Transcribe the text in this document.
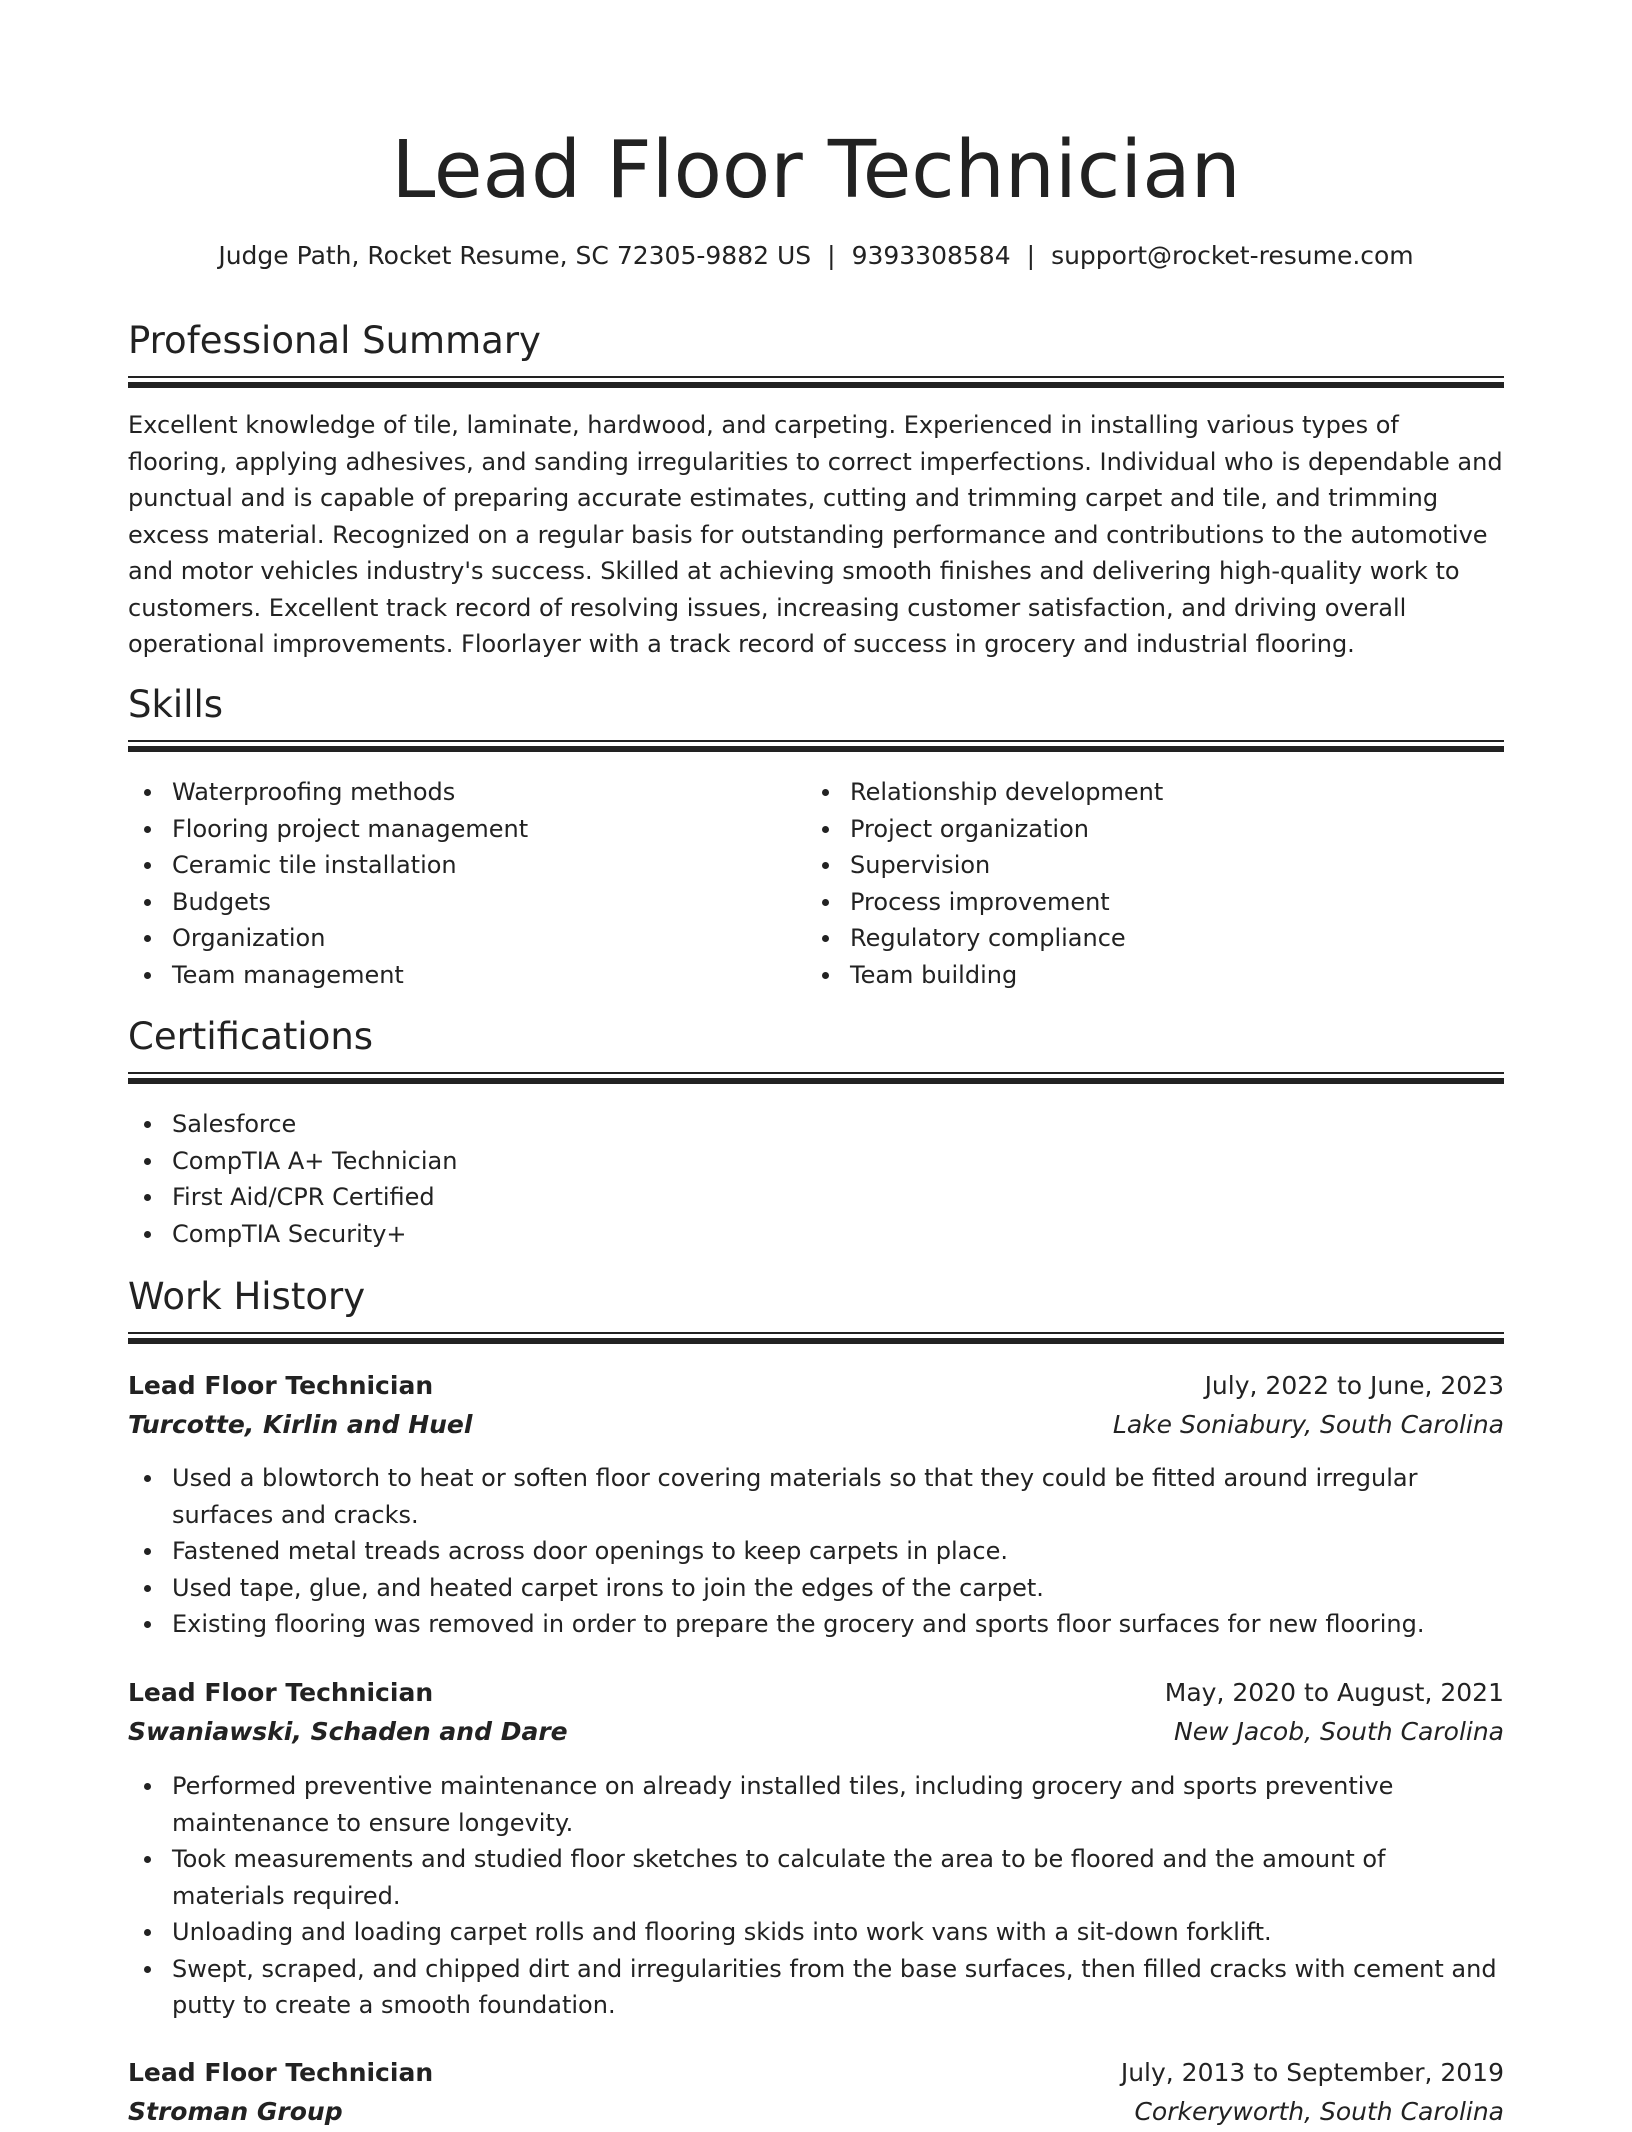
Lead Floor Technician
Judge Path, Rocket Resume, SC 72305-9882 US | 9393308584 | support@rocket-resume.com
Professional Summary

Excellent knowledge of tile, laminate, hardwood, and carpeting. Experienced in installing various types of flooring, applying adhesives, and sanding irregularities to correct imperfections. Individual who is dependable and punctual and is capable of preparing accurate estimates, cutting and trimming carpet and tile, and trimming excess material. Recognized on a regular basis for outstanding performance and contributions to the automotive and motor vehicles industry's success. Skilled at achieving smooth finishes and delivering high-quality work to customers. Excellent track record of resolving issues, increasing customer satisfaction, and driving overall operational improvements. Floorlayer with a track record of success in grocery and industrial flooring.

Skills
Waterproofing methods
Flooring project management
Ceramic tile installation
Budgets
Organization
Team management
Relationship development
Project organization
Supervision
Process improvement
Regulatory compliance
Team building
Certifications
Salesforce
CompTIA A+ Technician
First Aid/CPR Certified
CompTIA Security+
Work History
Lead Floor Technician	July, 2022 to June, 2023
Turcotte, Kirlin and Huel	Lake Soniabury, South Carolina
Used a blowtorch to heat or soften floor covering materials so that they could be fitted around irregular surfaces and cracks.
Fastened metal treads across door openings to keep carpets in place.
Used tape, glue, and heated carpet irons to join the edges of the carpet.
Existing flooring was removed in order to prepare the grocery and sports floor surfaces for new flooring.
Lead Floor Technician	May, 2020 to August, 2021
Swaniawski, Schaden and Dare	New Jacob, South Carolina
Performed preventive maintenance on already installed tiles, including grocery and sports preventive maintenance to ensure longevity.
Took measurements and studied floor sketches to calculate the area to be floored and the amount of materials required.
Unloading and loading carpet rolls and flooring skids into work vans with a sit-down forklift.
Swept, scraped, and chipped dirt and irregularities from the base surfaces, then filled cracks with cement and putty to create a smooth foundation.
Lead Floor Technician	July, 2013 to September, 2019
Stroman Group	Corkerywort​h, South Carolina
